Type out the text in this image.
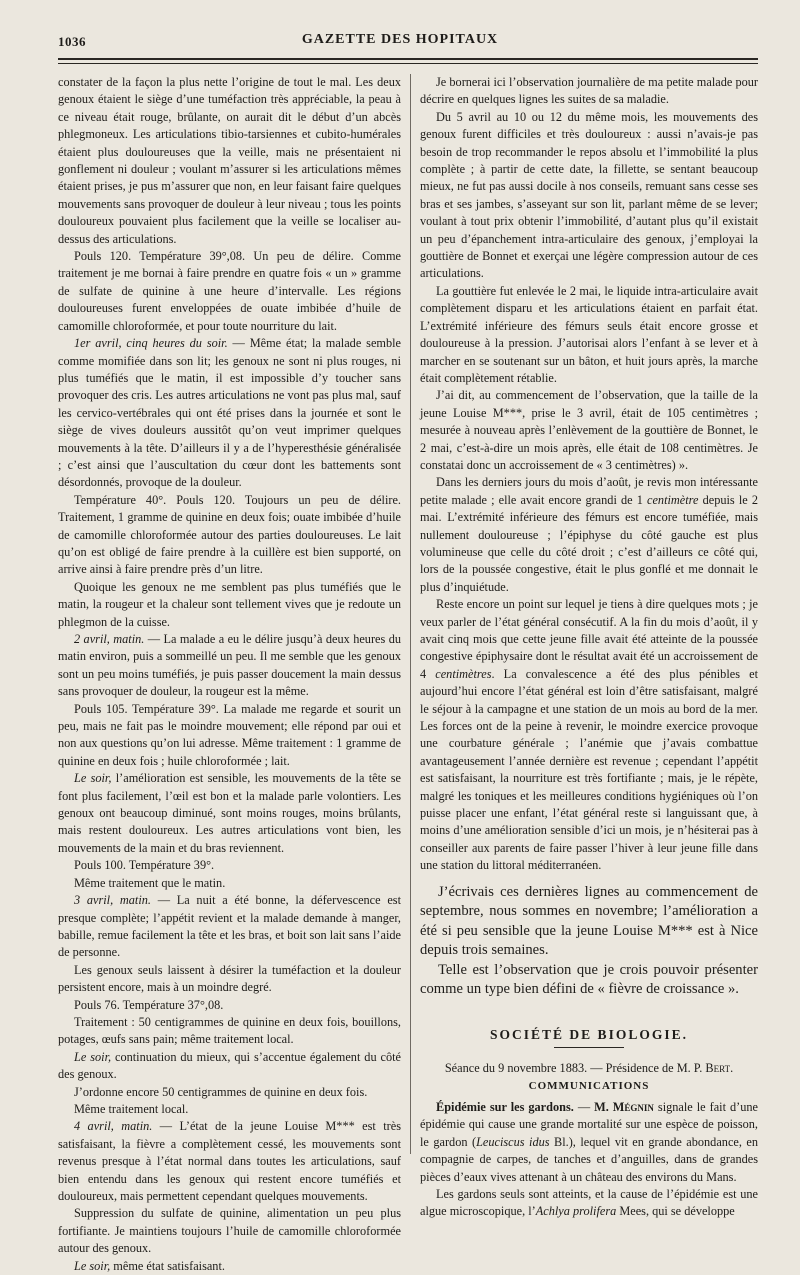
1036	GAZETTE DES HOPITAUX

constater de la façon la plus nette l’origine de tout le mal. Les deux genoux étaient le siège d’une tuméfaction très appréciable, la peau à ce niveau était rouge, brûlante, on aurait dit le début d’un abcès phlegmoneux. Les articulations tibio-tarsiennes et cubito-humérales étaient plus douloureuses que la veille, mais ne présentaient ni gonflement ni douleur ; voulant m’assurer si les articulations mêmes étaient prises, je pus m’assurer que non, en leur faisant faire quelques mouvements sans provoquer de douleur à leur niveau ; tous les points douloureux pouvaient plus facilement que la veille se localiser au-dessus des articulations.

Pouls 120. Température 39°,08. Un peu de délire. Comme traitement je me bornai à faire prendre en quatre fois « un » gramme de sulfate de quinine à une heure d’intervalle. Les régions douloureuses furent enveloppées de ouate imbibée d’huile de camomille chloroformée, et pour toute nourriture du lait.

1er avril, cinq heures du soir. — Même état; la malade semble comme momifiée dans son lit; les genoux ne sont ni plus rouges, ni plus tuméfiés que le matin, il est impossible d’y toucher sans provoquer des cris. Les autres articulations ne vont pas plus mal, sauf les cervico-vertébrales qui ont été prises dans la journée et sont le siège de vives douleurs aussitôt qu’on veut imprimer quelques mouvements à la tête. D’ailleurs il y a de l’hyperesthésie généralisée ; c’est ainsi que l’auscultation du cœur dont les battements sont désordonnés, provoque de la douleur.

Température 40°. Pouls 120. Toujours un peu de délire. Traitement, 1 gramme de quinine en deux fois; ouate imbibée d’huile de camomille chloroformée autour des parties douloureuses. Le lait qu’on est obligé de faire prendre à la cuillère est bien supporté, on arrive ainsi à faire prendre près d’un litre.

Quoique les genoux ne me semblent pas plus tuméfiés que le matin, la rougeur et la chaleur sont tellement vives que je redoute un phlegmon de la cuisse.

2 avril, matin. — La malade a eu le délire jusqu’à deux heures du matin environ, puis a sommeillé un peu. Il me semble que les genoux sont un peu moins tuméfiés, je puis passer doucement la main dessus sans provoquer de douleur, la rougeur est la même.

Pouls 105. Température 39°. La malade me regarde et sourit un peu, mais ne fait pas le moindre mouvement; elle répond par oui et non aux questions qu’on lui adresse. Même traitement : 1 gramme de quinine en deux fois ; huile chloroformée ; lait.

Le soir, l’amélioration est sensible, les mouvements de la tête se font plus facilement, l’œil est bon et la malade parle volontiers. Les genoux ont beaucoup diminué, sont moins rouges, moins brûlants, mais restent douloureux. Les autres articulations vont bien, les mouvements de la main et du bras reviennent.

Pouls 100. Température 39°.

Même traitement que le matin.

3 avril, matin. — La nuit a été bonne, la défervescence est presque complète; l’appétit revient et la malade demande à manger, babille, remue facilement la tête et les bras, et boit son lait sans l’aide de personne.

Les genoux seuls laissent à désirer la tuméfaction et la douleur persistent encore, mais à un moindre degré.

Pouls 76. Température 37°,08.

Traitement : 50 centigrammes de quinine en deux fois, bouillons, potages, œufs sans pain; même traitement local.

Le soir, continuation du mieux, qui s’accentue également du côté des genoux.

J’ordonne encore 50 centigrammes de quinine en deux fois.

Même traitement local.

4 avril, matin. — L’état de la jeune Louise M*** est très satisfaisant, la fièvre a complètement cessé, les mouvements sont revenus presque à l’état normal dans toutes les articulations, sauf bien entendu dans les genoux qui restent encore tuméfiés et douloureux, mais permettent cependant quelques mouvements.

Suppression du sulfate de quinine, alimentation un peu plus fortifiante. Je maintiens toujours l’huile de camomille chloroformée autour des genoux.

Le soir, même état satisfaisant.

Je bornerai ici l’observation journalière de ma petite malade pour décrire en quelques lignes les suites de sa maladie.

Du 5 avril au 10 ou 12 du même mois, les mouvements des genoux furent difficiles et très douloureux : aussi n’avais-je pas besoin de trop recommander le repos absolu et l’immobilité la plus complète ; à partir de cette date, la fillette, se sentant beaucoup mieux, ne fut pas aussi docile à nos conseils, remuant sans cesse ses bras et ses jambes, s’asseyant sur son lit, parlant même de se lever; voulant à tout prix obtenir l’immobilité, d’autant plus qu’il existait un peu d’épanchement intra-articulaire des genoux, j’employai la gouttière de Bonnet et exerçai une légère compression autour de ces articulations.

La gouttière fut enlevée le 2 mai, le liquide intra-articulaire avait complètement disparu et les articulations étaient en parfait état. L’extrémité inférieure des fémurs seuls était encore grosse et douloureuse à la pression. J’autorisai alors l’enfant à se lever et à marcher en se soutenant sur un bâton, et huit jours après, la marche était complètement rétablie.

J’ai dit, au commencement de l’observation, que la taille de la jeune Louise M***, prise le 3 avril, était de 105 centimètres ; mesurée à nouveau après l’enlèvement de la gouttière de Bonnet, le 2 mai, c’est-à-dire un mois après, elle était de 108 centimètres. Je constatai donc un accroissement de « 3 centimètres) ».

Dans les derniers jours du mois d’août, je revis mon intéressante petite malade ; elle avait encore grandi de 1 centimètre depuis le 2 mai. L’extrémité inférieure des fémurs est encore tuméfiée, mais nullement douloureuse ; l’épiphyse du côté gauche est plus volumineuse que celle du côté droit ; c’est d’ailleurs ce côté qui, lors de la poussée congestive, était le plus gonflé et me donnait le plus d’inquiétude.

Reste encore un point sur lequel je tiens à dire quelques mots ; je veux parler de l’état général consécutif. A la fin du mois d’août, il y avait cinq mois que cette jeune fille avait été atteinte de la poussée congestive épiphysaire dont le résultat avait été un accroissement de 4 centimètres. La convalescence a été des plus pénibles et aujourd’hui encore l’état général est loin d’être satisfaisant, malgré le séjour à la campagne et une station de un mois au bord de la mer. Les forces ont de la peine à revenir, le moindre exercice provoque une courbature générale ; l’anémie que j’avais combattue avantageusement l’année dernière est revenue ; cependant l’appétit est satisfaisant, la nourriture est très fortifiante ; mais, je le répète, malgré les toniques et les meilleures conditions hygiéniques où l’on puisse placer une enfant, l’état général reste si languissant que, à moins d’une amélioration sensible d’ici un mois, je n’hésiterai pas à conseiller aux parents de faire passer l’hiver à leur jeune fille dans une station du littoral méditerranéen.

J’écrivais ces dernières lignes au commencement de septembre, nous sommes en novembre; l’amélioration a été si peu sensible que la jeune Louise M*** est à Nice depuis trois semaines.

Telle est l’observation que je crois pouvoir présenter comme un type bien défini de « fièvre de croissance ».

SOCIÉTÉ DE BIOLOGIE.

Séance du 9 novembre 1883. — Présidence de M. P. Bert.

COMMUNICATIONS

Épidémie sur les gardons. — M. Mégnin signale le fait d’une épidémie qui cause une grande mortalité sur une espèce de poisson, le gardon (Leuciscus idus Bl.), lequel vit en grande abondance, en compagnie de carpes, de tanches et d’anguilles, dans de grandes pièces d’eaux vives attenant à un château des environs du Mans.

Les gardons seuls sont atteints, et la cause de l’épidémie est une algue microscopique, l’Achlya prolifera Mees, qui se développe
